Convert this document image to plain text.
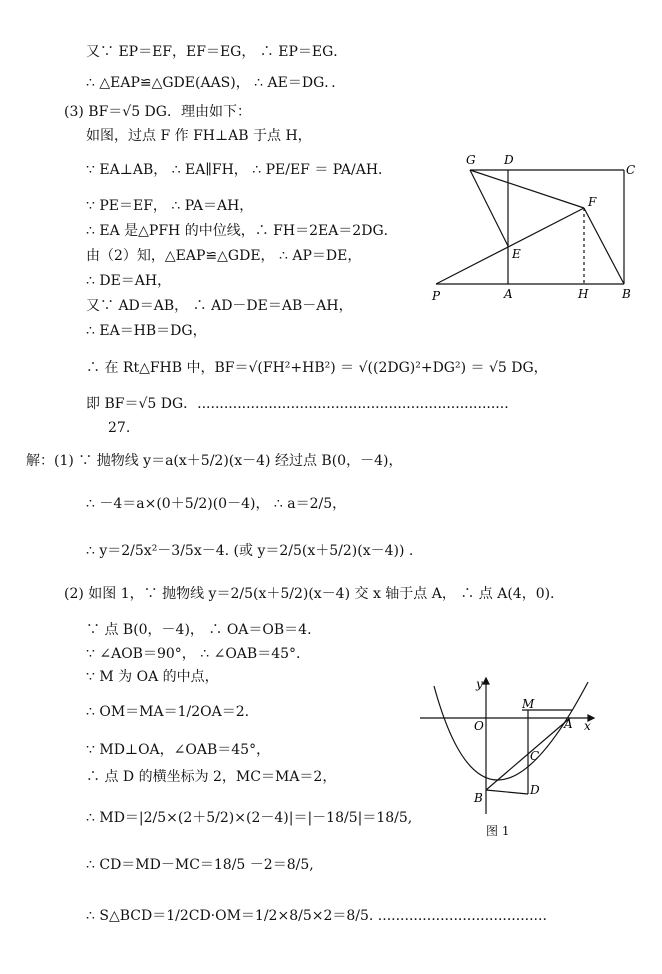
又∵ EP＝EF，EF＝EG， ∴ EP＝EG．
∴ △EAP≌△GDE(AAS)， ∴ AE＝DG．．
(3) BF＝√5 DG．理由如下：
如图，过点 F 作 FH⊥AB 于点 H，
∵ EA⊥AB， ∴ EA∥FH， ∴ PE/EF ＝ PA/AH．
∵ PE＝EF， ∴ PA＝AH，
∴ EA 是△PFH 的中位线，∴ FH＝2EA＝2DG．
由（2）知，△EAP≌△GDE， ∴ AP＝DE，
∴ DE＝AH，
又∵ AD＝AB， ∴ AD－DE＝AB－AH，
∴ EA＝HB＝DG，
∴ 在 Rt△FHB 中，BF＝√(FH²+HB²) ＝ √((2DG)²+DG²) ＝ √5 DG，
即 BF＝√5 DG．......................................................................
27.
解：(1) ∵ 抛物线 y＝a(x＋5/2)(x－4) 经过点 B(0，－4)，
∴ －4＝a×(0＋5/2)(0－4)， ∴ a＝2/5，
∴ y＝2/5x²－3/5x－4. (或 y＝2/5(x＋5/2)(x－4)) .
(2) 如图 1，∵ 抛物线 y＝2/5(x＋5/2)(x－4) 交 x 轴于点 A， ∴ 点 A(4，0).
∵ 点 B(0，－4)， ∴ OA＝OB＝4.
∵ ∠AOB＝90°， ∴ ∠OAB＝45°.
∵ M 为 OA 的中点，
∴ OM＝MA＝1/2OA＝2.
∵ MD⊥OA，∠OAB＝45°，
∴ 点 D 的横坐标为 2，MC＝MA＝2，
∴ MD＝|2/5×(2＋5/2)×(2－4)|＝|－18/5|＝18/5,
∴ CD＝MD－MC＝18/5 －2＝8/5,
∴ S△BCD＝1/2CD·OM＝1/2×8/5×2＝8/5. ......................................
G D
C
F
E
P	A	H	B
y
O
M
A x
C
B
D
图 1
